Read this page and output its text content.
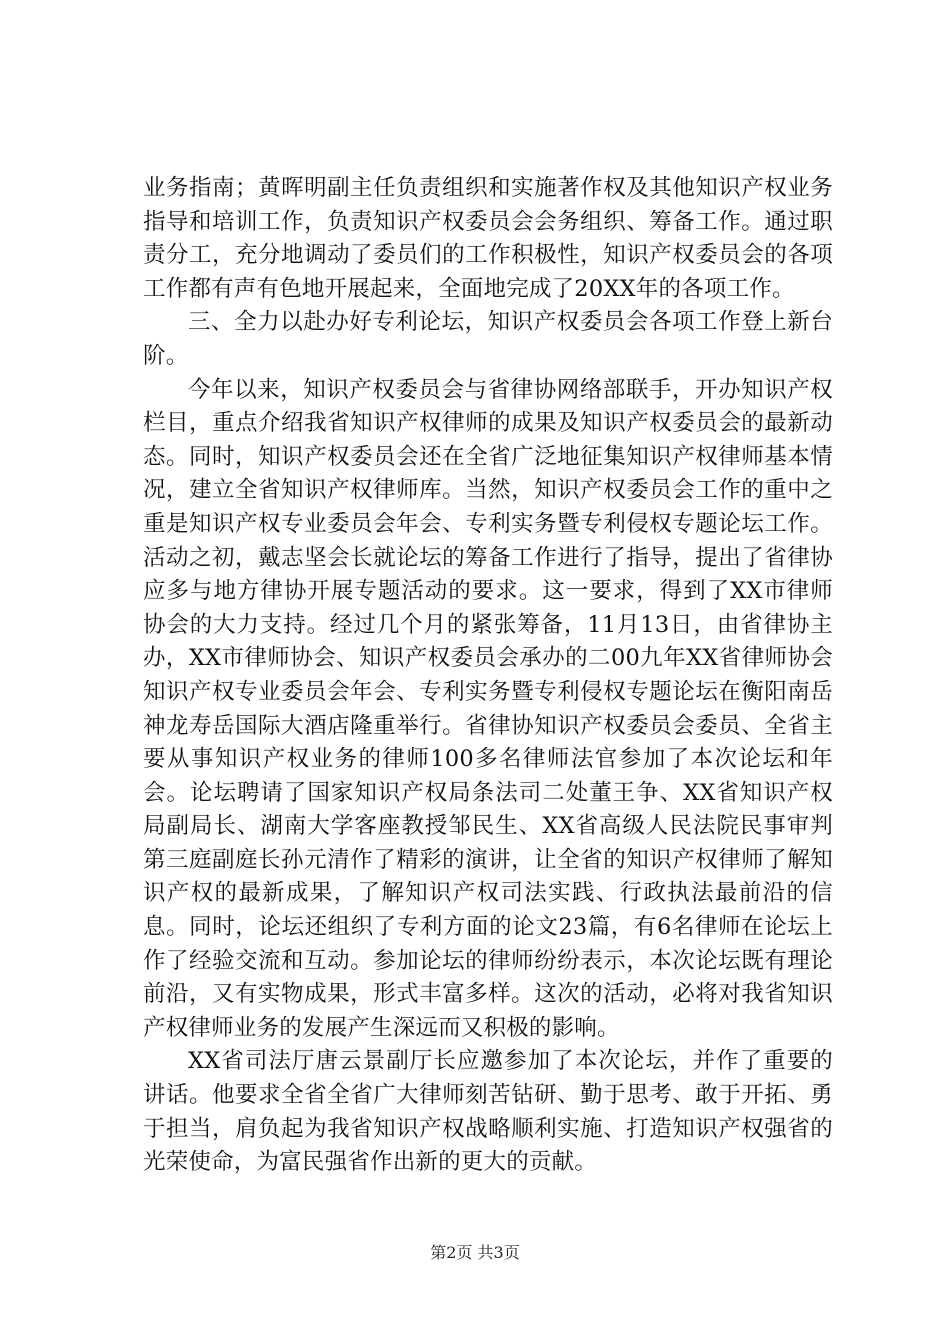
业务指南；黄晖明副主任负责组织和实施著作权及其他知识产权业务指导和培训工作，负责知识产权委员会会务组织、筹备工作。通过职责分工，充分地调动了委员们的工作积极性，知识产权委员会的各项工作都有声有色地开展起来，全面地完成了20XX年的各项工作。

三、全力以赴办好专利论坛，知识产权委员会各项工作登上新台阶。

今年以来，知识产权委员会与省律协网络部联手，开办知识产权栏目，重点介绍我省知识产权律师的成果及知识产权委员会的最新动态。同时，知识产权委员会还在全省广泛地征集知识产权律师基本情况，建立全省知识产权律师库。当然，知识产权委员会工作的重中之重是知识产权专业委员会年会、专利实务暨专利侵权专题论坛工作。活动之初，戴志坚会长就论坛的筹备工作进行了指导，提出了省律协应多与地方律协开展专题活动的要求。这一要求，得到了XX市律师协会的大力支持。经过几个月的紧张筹备，11月13日，由省律协主办，XX市律师协会、知识产权委员会承办的二00九年XX省律师协会知识产权专业委员会年会、专利实务暨专利侵权专题论坛在衡阳南岳神龙寿岳国际大酒店隆重举行。省律协知识产权委员会委员、全省主要从事知识产权业务的律师100多名律师法官参加了本次论坛和年会。论坛聘请了国家知识产权局条法司二处董王争、XX省知识产权局副局长、湖南大学客座教授邹民生、XX省高级人民法院民事审判第三庭副庭长孙元清作了精彩的演讲，让全省的知识产权律师了解知识产权的最新成果，了解知识产权司法实践、行政执法最前沿的信息。同时，论坛还组织了专利方面的论文23篇，有6名律师在论坛上作了经验交流和互动。参加论坛的律师纷纷表示，本次论坛既有理论前沿，又有实物成果，形式丰富多样。这次的活动，必将对我省知识产权律师业务的发展产生深远而又积极的影响。

XX省司法厅唐云景副厅长应邀参加了本次论坛，并作了重要的讲话。他要求全省全省广大律师刻苦钻研、勤于思考、敢于开拓、勇于担当，肩负起为我省知识产权战略顺利实施、打造知识产权强省的光荣使命，为富民强省作出新的更大的贡献。

第2页 共3页
